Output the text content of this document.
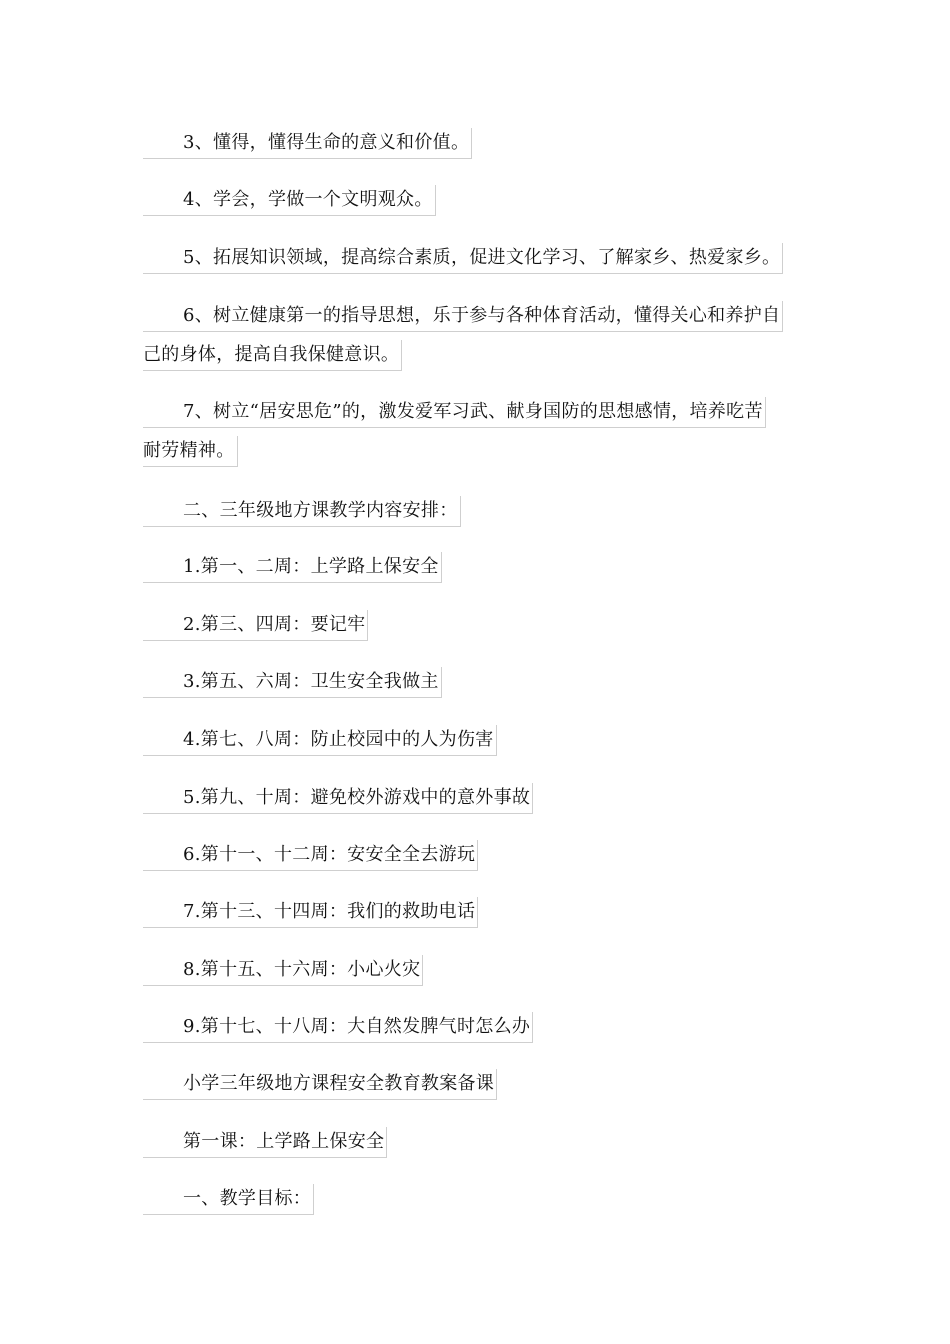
3、懂得，懂得生命的意义和价值。
4、学会，学做一个文明观众。
5、拓展知识领域，提高综合素质，促进文化学习、了解家乡、热爱家乡。
6、树立健康第一的指导思想，乐于参与各种体育活动，懂得关心和养护自
己的身体，提高自我保健意识。
7、树立“居安思危”的，激发爱军习武、献身国防的思想感情，培养吃苦
耐劳精神。
二、三年级地方课教学内容安排：
1.第一、二周：上学路上保安全
2.第三、四周：要记牢
3.第五、六周：卫生安全我做主
4.第七、八周：防止校园中的人为伤害
5.第九、十周：避免校外游戏中的意外事故
6.第十一、十二周：安安全全去游玩
7.第十三、十四周：我们的救助电话
8.第十五、十六周：小心火灾
9.第十七、十八周：大自然发脾气时怎么办
小学三年级地方课程安全教育教案备课
第一课：上学路上保安全
一、教学目标：
